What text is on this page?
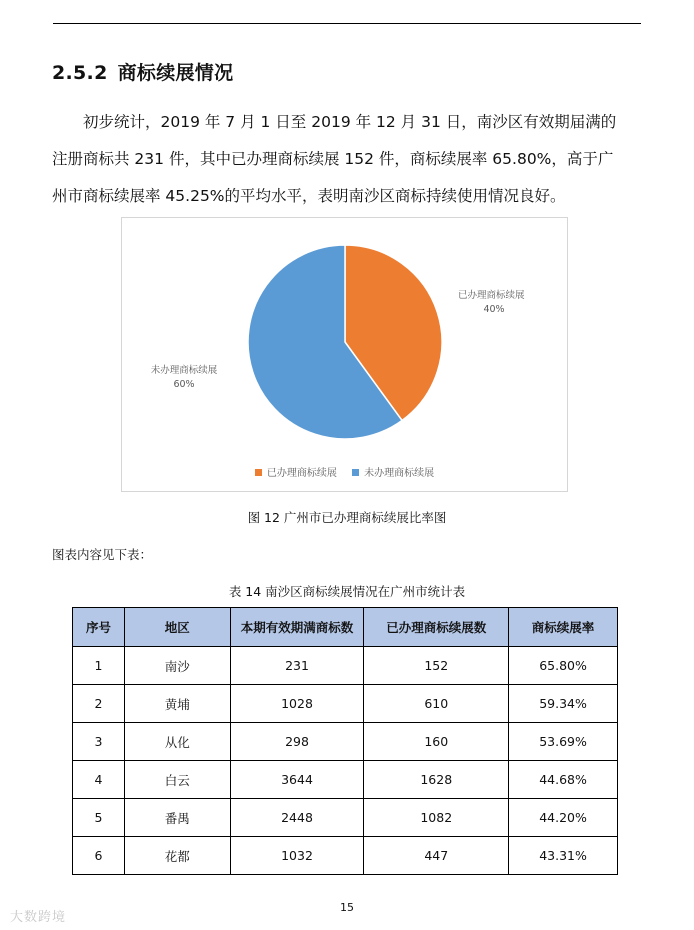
2.5.2 商标续展情况
初步统计，2019 年 7 月 1 日至 2019 年 12 月 31 日，南沙区有效期届满的
注册商标共 231 件，其中已办理商标续展 152 件，商标续展率 65.80%，高于广
州市商标续展率 45.25%的平均水平，表明南沙区商标持续使用情况良好。
已办理商标续展
40%
未办理商标续展
60%
已办理商标续展	未办理商标续展
图 12 广州市已办理商标续展比率图
图表内容见下表：
表 14 南沙区商标续展情况在广州市统计表
序号	地区	本期有效期满商标数	已办理商标续展数	商标续展率
1	南沙	231	152	65.80%
2	黄埔	1028	610	59.34%
3	从化	298	160	53.69%
4	白云	3644	1628	44.68%
5	番禺	2448	1082	44.20%
6	花都	1032	447	43.31%
15
大数跨境
